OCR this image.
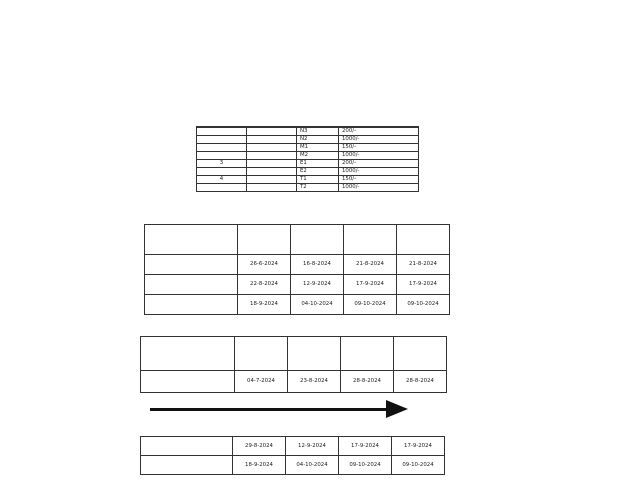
		N3	200/-
		N2	1000/-
		M1	150/-
		M2	1000/-
3		E1	200/-
		E2	1000/-
4		T1	150/-
		T2	1000/-

	26-6-2024	16-8-2024	21-8-2024	21-8-2024
	22-8-2024	12-9-2024	17-9-2024	17-9-2024
	18-9-2024	04-10-2024	09-10-2024	09-10-2024

	04-7-2024	23-8-2024	28-8-2024	28-8-2024
	29-8-2024	12-9-2024	17-9-2024	17-9-2024
	18-9-2024	04-10-2024	09-10-2024	09-10-2024
